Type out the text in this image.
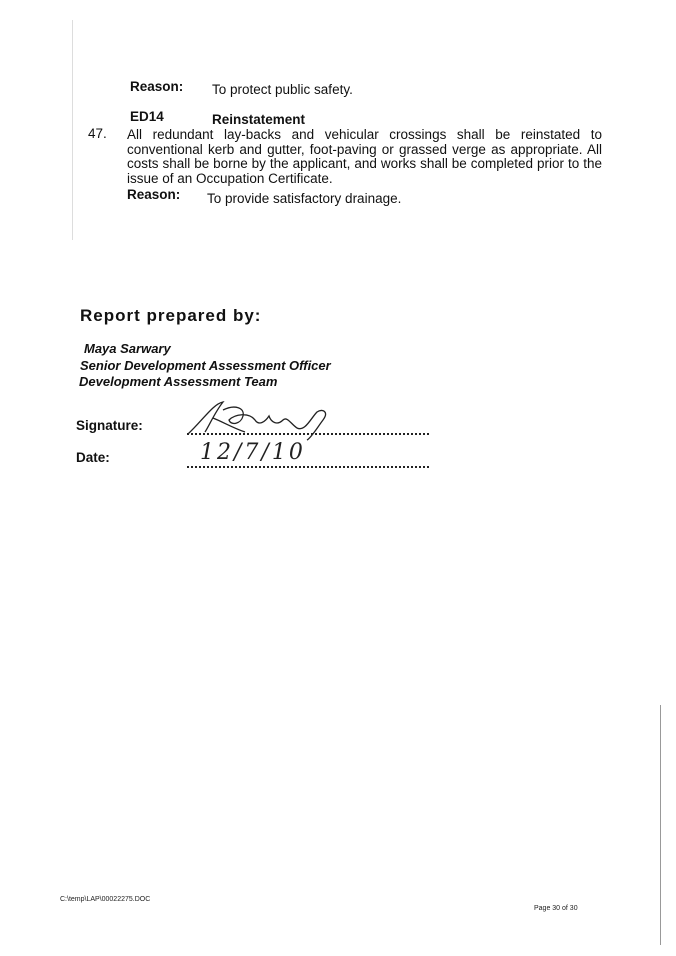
Reason: To protect public safety.
ED14	Reinstatement
47. All redundant lay-backs and vehicular crossings shall be reinstated to conventional kerb and gutter, foot-paving or grassed verge as appropriate. All costs shall be borne by the applicant, and works shall be completed prior to the issue of an Occupation Certificate.
Reason: To provide satisfactory drainage.
Report prepared by:
Maya Sarwary
Senior Development Assessment Officer
Development Assessment Team
Signature:
Date:	12/7/10
C:\temp\LAP\00022275.DOC
Page 30 of 30
